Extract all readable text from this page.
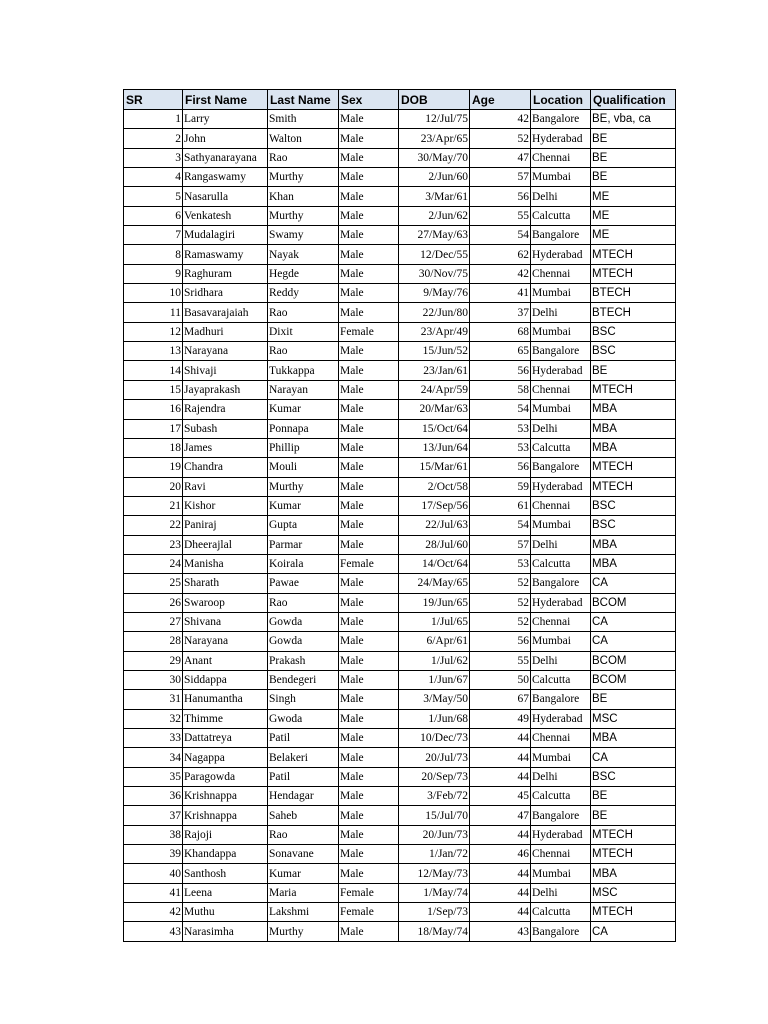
SR	First Name	Last Name	Sex	DOB	Age	Location	Qualification
1	Larry	Smith	Male	12/Jul/75	42	Bangalore	BE, vba, ca
2	John	Walton	Male	23/Apr/65	52	Hyderabad	BE
3	Sathyanarayana	Rao	Male	30/May/70	47	Chennai	BE
4	Rangaswamy	Murthy	Male	2/Jun/60	57	Mumbai	BE
5	Nasarulla	Khan	Male	3/Mar/61	56	Delhi	ME
6	Venkatesh	Murthy	Male	2/Jun/62	55	Calcutta	ME
7	Mudalagiri	Swamy	Male	27/May/63	54	Bangalore	ME
8	Ramaswamy	Nayak	Male	12/Dec/55	62	Hyderabad	MTECH
9	Raghuram	Hegde	Male	30/Nov/75	42	Chennai	MTECH
10	Sridhara	Reddy	Male	9/May/76	41	Mumbai	BTECH
11	Basavarajaiah	Rao	Male	22/Jun/80	37	Delhi	BTECH
12	Madhuri	Dixit	Female	23/Apr/49	68	Mumbai	BSC
13	Narayana	Rao	Male	15/Jun/52	65	Bangalore	BSC
14	Shivaji	Tukkappa	Male	23/Jan/61	56	Hyderabad	BE
15	Jayaprakash	Narayan	Male	24/Apr/59	58	Chennai	MTECH
16	Rajendra	Kumar	Male	20/Mar/63	54	Mumbai	MBA
17	Subash	Ponnapa	Male	15/Oct/64	53	Delhi	MBA
18	James	Phillip	Male	13/Jun/64	53	Calcutta	MBA
19	Chandra	Mouli	Male	15/Mar/61	56	Bangalore	MTECH
20	Ravi	Murthy	Male	2/Oct/58	59	Hyderabad	MTECH
21	Kishor	Kumar	Male	17/Sep/56	61	Chennai	BSC
22	Paniraj	Gupta	Male	22/Jul/63	54	Mumbai	BSC
23	Dheerajlal	Parmar	Male	28/Jul/60	57	Delhi	MBA
24	Manisha	Koirala	Female	14/Oct/64	53	Calcutta	MBA
25	Sharath	Pawae	Male	24/May/65	52	Bangalore	CA
26	Swaroop	Rao	Male	19/Jun/65	52	Hyderabad	BCOM
27	Shivana	Gowda	Male	1/Jul/65	52	Chennai	CA
28	Narayana	Gowda	Male	6/Apr/61	56	Mumbai	CA
29	Anant	Prakash	Male	1/Jul/62	55	Delhi	BCOM
30	Siddappa	Bendegeri	Male	1/Jun/67	50	Calcutta	BCOM
31	Hanumantha	Singh	Male	3/May/50	67	Bangalore	BE
32	Thimme	Gwoda	Male	1/Jun/68	49	Hyderabad	MSC
33	Dattatreya	Patil	Male	10/Dec/73	44	Chennai	MBA
34	Nagappa	Belakeri	Male	20/Jul/73	44	Mumbai	CA
35	Paragowda	Patil	Male	20/Sep/73	44	Delhi	BSC
36	Krishnappa	Hendagar	Male	3/Feb/72	45	Calcutta	BE
37	Krishnappa	Saheb	Male	15/Jul/70	47	Bangalore	BE
38	Rajoji	Rao	Male	20/Jun/73	44	Hyderabad	MTECH
39	Khandappa	Sonavane	Male	1/Jan/72	46	Chennai	MTECH
40	Santhosh	Kumar	Male	12/May/73	44	Mumbai	MBA
41	Leena	Maria	Female	1/May/74	44	Delhi	MSC
42	Muthu	Lakshmi	Female	1/Sep/73	44	Calcutta	MTECH
43	Narasimha	Murthy	Male	18/May/74	43	Bangalore	CA
